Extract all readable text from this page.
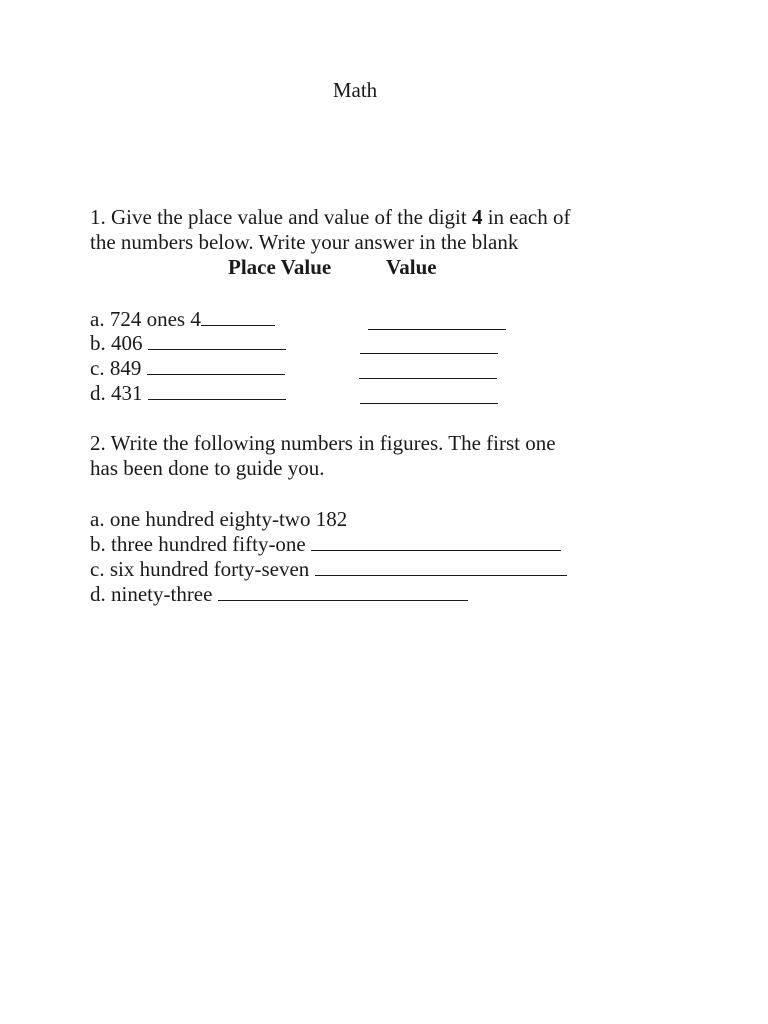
Math
1. Give the place value and value of the digit 4 in each of
the numbers below. Write your answer in the blank
Place Value	Value
a. 724 ones 4
b. 406
c. 849
d. 431
2. Write the following numbers in figures. The first one
has been done to guide you.
a. one hundred eighty-two 182
b. three hundred fifty-one
c. six hundred forty-seven
d. ninety-three
